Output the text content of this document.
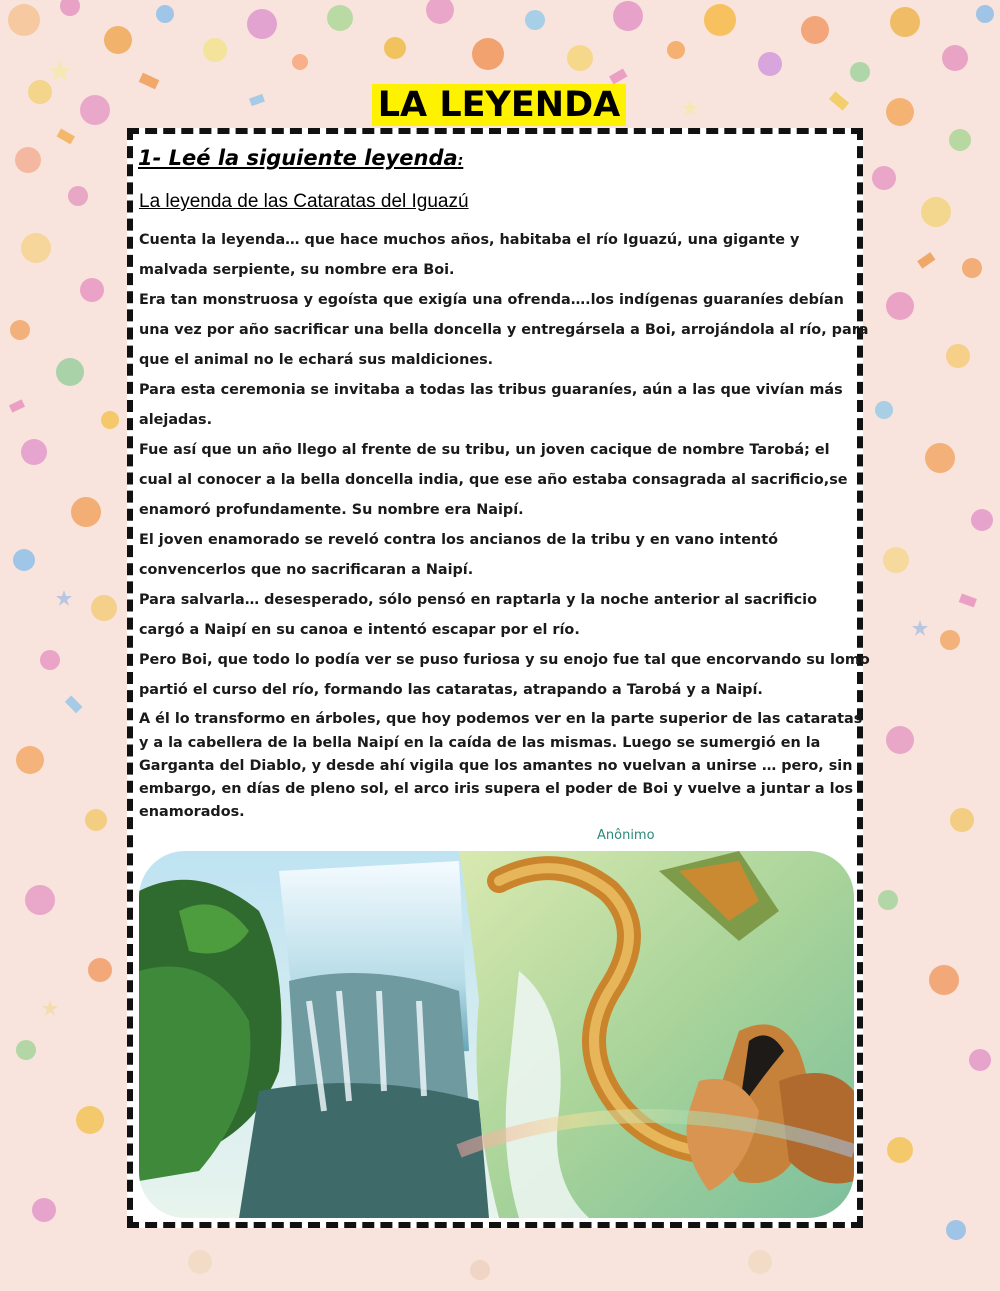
LA LEYENDA
1- Leé la siguiente leyenda:
La leyenda de las Cataratas del Iguazú
Cuenta la leyenda… que hace muchos años, habitaba el río Iguazú, una gigante y
malvada serpiente, su nombre era Boi.
Era tan monstruosa y egoísta que exigía una ofrenda….los indígenas guaraníes debían
una vez por año sacrificar una bella doncella y entregársela a Boi, arrojándola al río, para
que el animal no le echará sus maldiciones.
Para esta ceremonia se invitaba a todas las tribus guaraníes, aún a las que vivían más
alejadas.
Fue así que un año llego al frente de su tribu, un joven cacique de nombre Tarobá; el
cual al conocer a la bella doncella india, que ese año estaba consagrada al sacrificio,se
enamoró profundamente. Su nombre era Naipí.
El joven enamorado se reveló contra los ancianos de la tribu y en vano intentó
convencerlos que no sacrificaran a Naipí.
Para salvarla… desesperado, sólo pensó en raptarla y la noche anterior al sacrificio
cargó a Naipí en su canoa e intentó escapar por el río.
Pero Boi, que todo lo podía ver se puso furiosa y su enojo fue tal que encorvando su lomo
partió el curso del río, formando las cataratas, atrapando a Tarobá y a Naipí.
A él lo transformo en árboles, que hoy podemos ver en la parte superior de las cataratas
y a la cabellera de la bella Naipí en la caída de las mismas. Luego se sumergió en la
Garganta del Diablo, y desde ahí vigila que los amantes no vuelvan a unirse … pero, sin
embargo, en días de pleno sol, el arco iris supera el poder de Boi y vuelve a juntar a los
enamorados.
Anônimo
